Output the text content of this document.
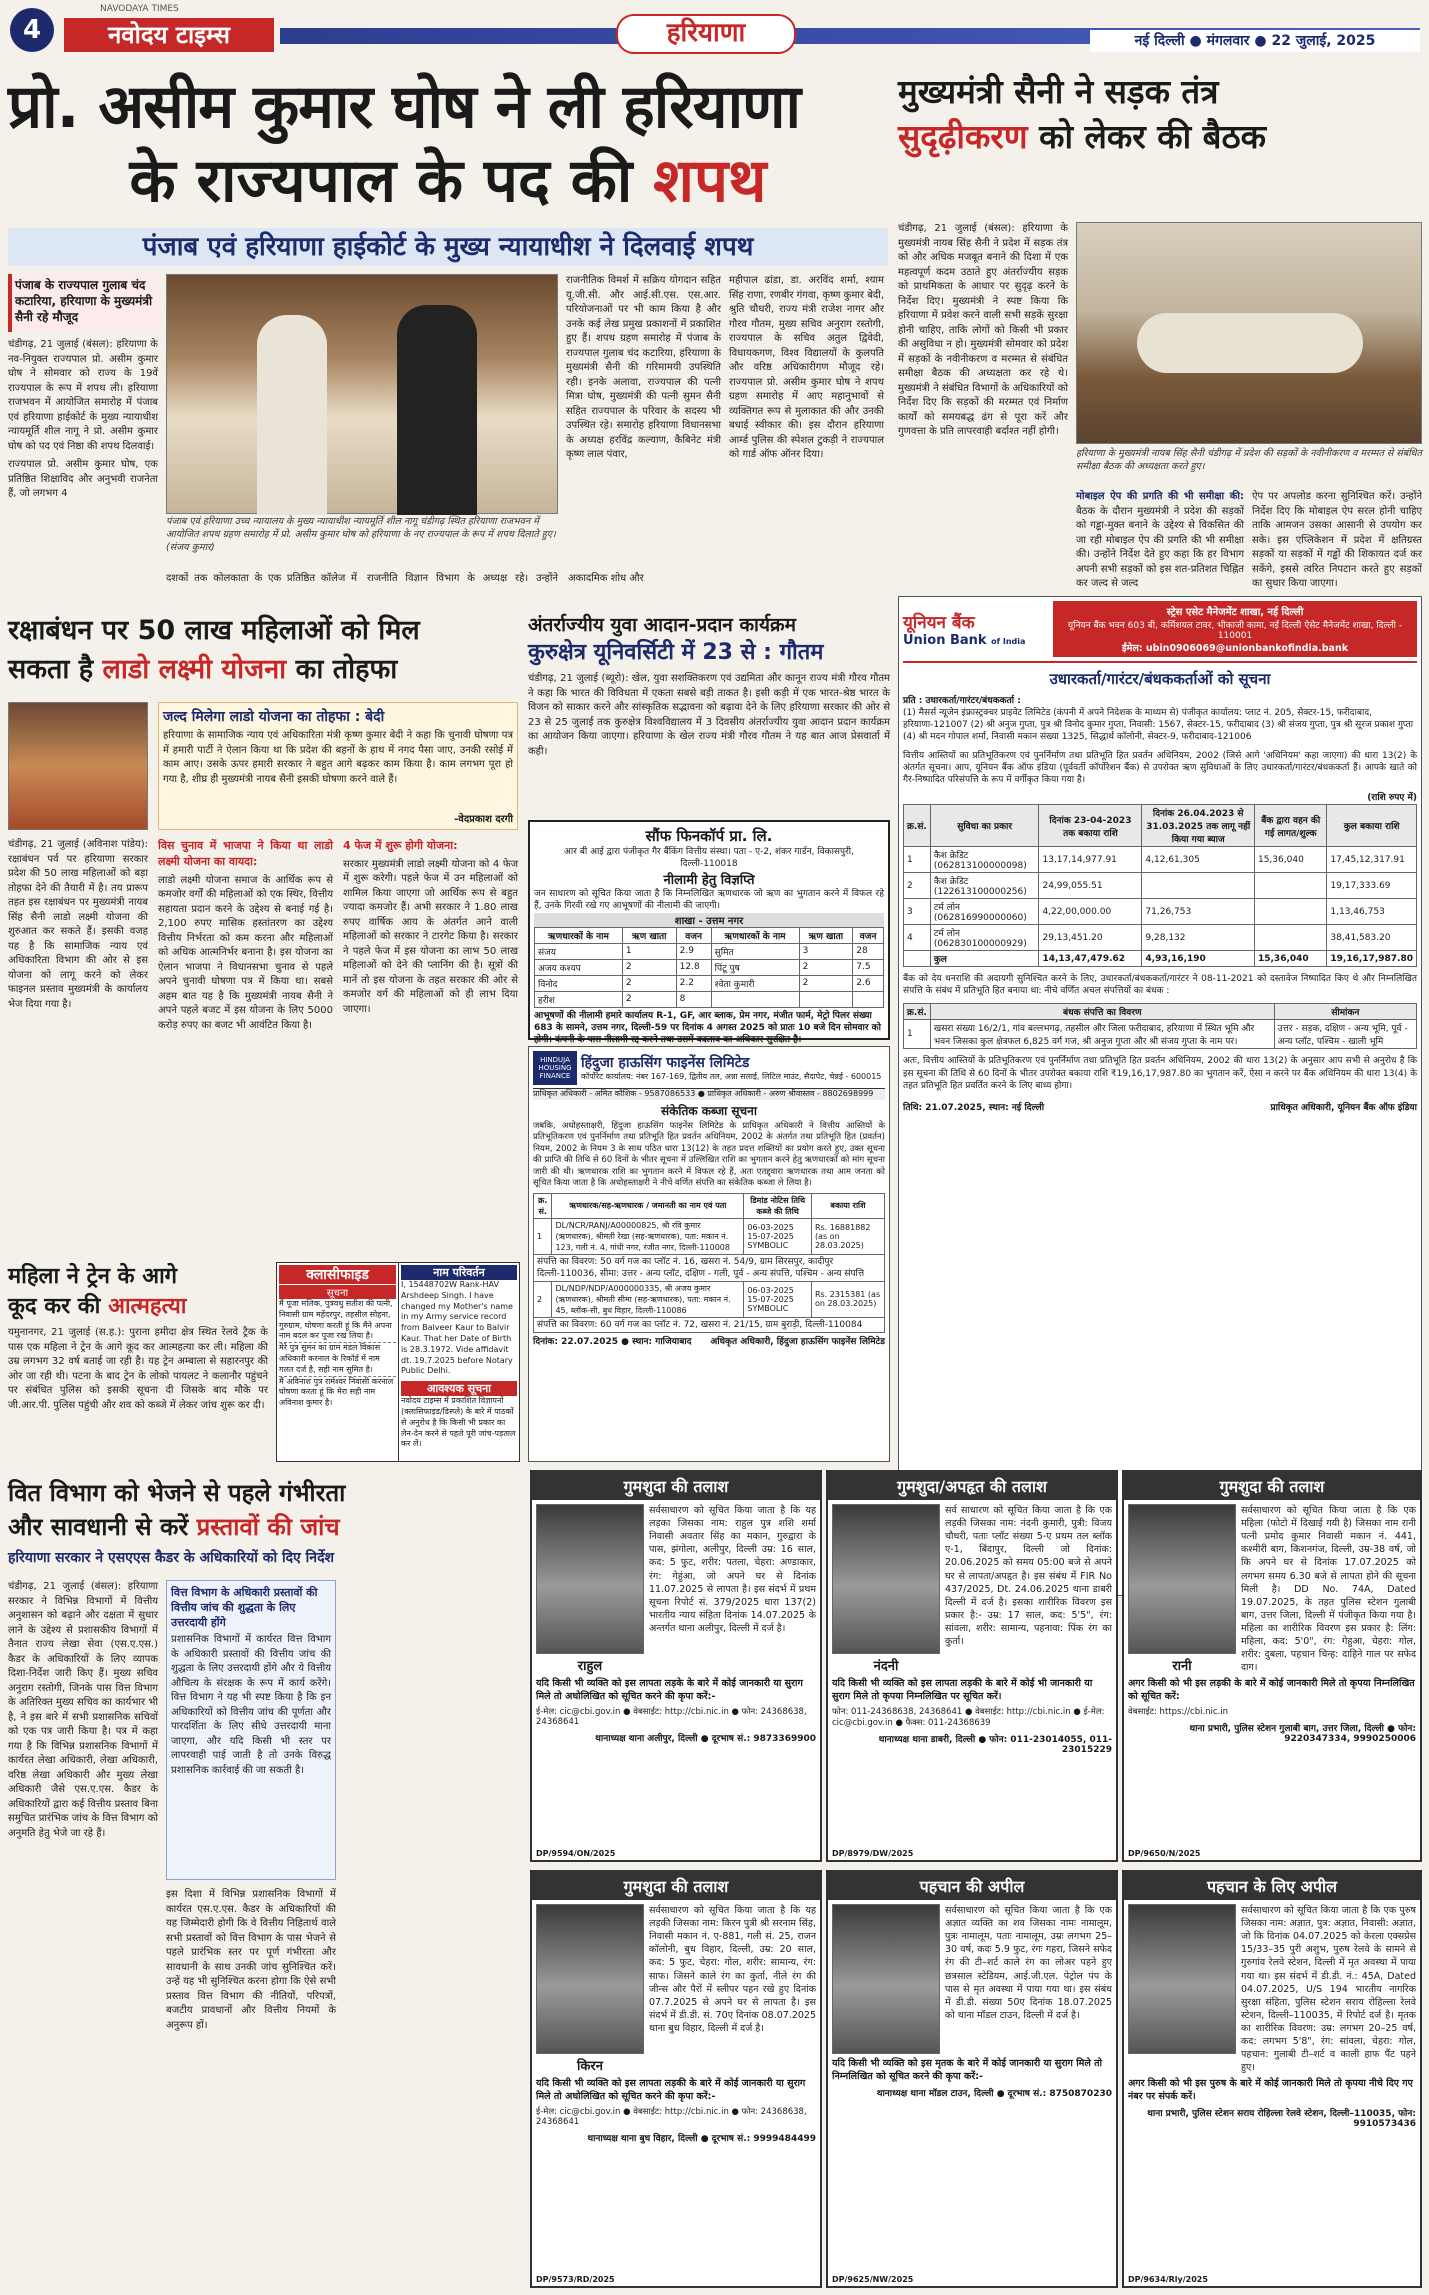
4
NAVODAYA TIMES
नवोदय टाइम्स	हरियाणा	नई दिल्ली ● मंगलवार ● 22 जुलाई, 2025
प्रो. असीम कुमार घोष ने ली हरियाणा
के राज्यपाल के पद की शपथ
पंजाब एवं हरियाणा हाईकोर्ट के मुख्य न्यायाधीश ने दिलवाई शपथ
पंजाब के राज्यपाल गुलाब चंद कटारिया, हरियाणा के मुख्यमंत्री सैनी रहे मौजूद

चंडीगढ़, 21 जुलाई (बंसल): हरियाणा के नव-नियुक्त राज्यपाल प्रो. असीम कुमार घोष ने सोमवार को राज्य के 19वें राज्यपाल के रूप में शपथ ली। हरियाणा राजभवन में आयोजित समारोह में पंजाब एवं हरियाणा हाईकोर्ट के मुख्य न्यायाधीश न्यायमूर्ति शील नागू ने प्रो. असीम कुमार घोष को पद एवं निष्ठा की शपथ दिलवाई।

राज्यपाल प्रो. असीम कुमार घोष, एक प्रतिष्ठित शिक्षाविद और अनुभवी राजनेता हैं, जो लगभग 4

पंजाब एवं हरियाणा उच्च न्यायालय के मुख्य न्यायाधीश न्यायमूर्ति शील नागू चंडीगढ़ स्थित हरियाणा राजभवन में आयोजित शपथ ग्रहण समारोह में प्रो. असीम कुमार घोष को हरियाणा के नए राज्यपाल के रूप में शपथ दिलाते हुए। (संजय कुमार)
दशकों तक कोलकाता के एक प्रतिष्ठित कॉलेज में राजनीति विज्ञान विभाग के अध्यक्ष रहे। उन्होंने अकादमिक शोध और
राजनीतिक विमर्श में सक्रिय योगदान सहित यू.जी.सी. और आई.सी.एस. एस.आर. परियोजनाओं पर भी काम किया है और उनके कई लेख प्रमुख प्रकाशनों में प्रकाशित हुए हैं। शपथ ग्रहण समारोह में पंजाब के राज्यपाल गुलाब चंद कटारिया, हरियाणा के मुख्यमंत्री सैनी की गरिमामयी उपस्थिति रही। इनके अलावा, राज्यपाल की पत्नी मित्रा घोष, मुख्यमंत्री की पत्नी सुमन सैनी सहित राज्यपाल के परिवार के सदस्य भी उपस्थित रहे। समारोह हरियाणा विधानसभा के अध्यक्ष हरविंद्र कल्याण, कैबिनेट मंत्री कृष्ण लाल पंवार,
महीपाल ढांडा, डा. अरविंद शर्मा, श्याम सिंह राणा, रणबीर गंगवा, कृष्ण कुमार बेदी, श्रुति चौधरी, राज्य मंत्री राजेश नागर और गौरव गौतम, मुख्य सचिव अनुराग रस्तोगी, राज्यपाल के सचिव अतुल द्विवेदी, विधायकगण, विश्व विद्यालयों के कुलपति और वरिष्ठ अधिकारीगण मौजूद रहे। राज्यपाल प्रो. असीम कुमार घोष ने शपथ ग्रहण समारोह में आए महानुभावों से व्यक्तिगत रूप से मुलाकात की और उनकी बधाई स्वीकार की। इस दौरान हरियाणा आर्म्ड पुलिस की स्पेशल टुकड़ी ने राज्यपाल को गार्ड ऑफ ऑनर दिया।
मुख्यमंत्री सैनी ने सड़क तंत्र
सुदृढ़ीकरण को लेकर की बैठक
चंडीगढ़, 21 जुलाई (बंसल): हरियाणा के मुख्यमंत्री नायब सिंह सैनी ने प्रदेश में सड़क तंत्र को और अधिक मजबूत बनाने की दिशा में एक महत्वपूर्ण कदम उठाते हुए अंतर्राज्यीय सड़क को प्राथमिकता के आधार पर सुदृढ़ करने के निर्देश दिए। मुख्यमंत्री ने स्पष्ट किया कि हरियाणा में प्रवेश करने वाली सभी सड़कें सुरक्षा होनी चाहिए, ताकि लोगों को किसी भी प्रकार की असुविधा न हो। मुख्यमंत्री सोमवार को प्रदेश में सड़कों के नवीनीकरण व मरम्मत से संबंधित समीक्षा बैठक की अध्यक्षता कर रहे थे। मुख्यमंत्री ने संबंधित विभागों के अधिकारियों को निर्देश दिए कि सड़कों की मरम्मत एवं निर्माण कार्यों को समयबद्ध ढंग से पूरा करें और गुणवत्ता के प्रति लापरवाही बर्दाश्त नहीं होगी।
हरियाणा के मुख्यमंत्री नायब सिंह सैनी चंडीगढ़ में प्रदेश की सड़कों के नवीनीकरण व मरम्मत से संबंधित समीक्षा बैठक की अध्यक्षता करते हुए।
मोबाइल ऐप की प्रगति की भी समीक्षा की: बैठक के दौरान मुख्यमंत्री ने प्रदेश की सड़कों को गड्ढा-मुक्त बनाने के उद्देश्य से विकसित की जा रही मोबाइल ऐप की प्रगति की भी समीक्षा की। उन्होंने निर्देश देते हुए कहा कि हर विभाग अपनी सभी सड़कों को इस शत-प्रतिशत चिह्नित कर जल्द से जल्द
ऐप पर अपलोड करना सुनिश्चित करें। उन्होंने निर्देश दिए कि मोबाइल ऐप सरल होनी चाहिए ताकि आमजन उसका आसानी से उपयोग कर सके। इस एप्लिकेशन में प्रदेश में क्षतिग्रस्त सड़कों या सड़कों में गड्ढों की शिकायत दर्ज कर सकेंगे, इससे त्वरित निपटान करते हुए सड़कों का सुधार किया जाएगा।
यूनियन बैंक
Union Bank of India
स्ट्रेस एसेट मैनेजमेंट शाखा, नई दिल्ली
यूनियन बैंक भवन 603 बी, कर्मिशयल टावर, भीकाजी कामा, नई दिल्ली ऐसेट मैनेजमेंट शाखा, दिल्ली - 110001
ईमेल: ubin0906069@unionbankofindia.bank
उधारकर्ता/गारंटर/बंधककर्ताओं को सूचना
प्रति : उधारकर्ता/गारंटर/बंधककर्ता :
(1) मैसर्स न्यूजेन इंफ्रास्ट्रक्चर प्राइवेट लिमिटेड (कंपनी में अपने निदेशक के माध्यम से) पंजीकृत कार्यालय: प्लाट नं. 205, सेक्टर-15, फरीदाबाद, हरियाणा-121007 (2) श्री अनुज गुप्ता, पुत्र श्री विनोद कुमार गुप्ता, निवासी: 1567, सेक्टर-15, फरीदाबाद (3) श्री संजय गुप्ता, पुत्र श्री सूरज प्रकाश गुप्ता (4) श्री मदन गोपाल शर्मा, निवासी मकान संख्या 1325, सिद्धार्थ कॉलोनी, सेक्टर-9, फरीदाबाद-121006
वित्तीय आस्तियों का प्रतिभूतिकरण एवं पुनर्निर्माण तथा प्रतिभूति हित प्रवर्तन अधिनियम, 2002 (जिसे आगे 'अधिनियम' कहा जाएगा) की धारा 13(2) के अंतर्गत सूचना। आप, यूनियन बैंक ऑफ इंडिया (पूर्ववर्ती कॉर्पोरेशन बैंक) से उपरोक्त ऋण सुविधाओं के लिए उधारकर्ता/गारंटर/बंधककर्ता हैं। आपके खाते को गैर-निष्पादित परिसंपत्ति के रूप में वर्गीकृत किया गया है।
(राशि रुपए में)
क्र.सं.	सुविधा का प्रकार	दिनांक 23-04-2023 तक बकाया राशि	दिनांक 26.04.2023 से 31.03.2025 तक लागू नहीं किया गया ब्याज	बैंक द्वारा वहन की गई लागत/शुल्क	कुल बकाया राशि
1	कैश क्रेडिट (062813100000098)	13,17,14,977.91	4,12,61,305	15,36,040	17,45,12,317.91
2	कैश क्रेडिट (122613100000256)	24,99,055.51			19,17,333.69
3	टर्म लोन (062816990000060)	4,22,00,000.00	71,26,753		1,13,46,753
4	टर्म लोन (062830100000929)	29,13,451.20	9,28,132		38,41,583.20
	कुल	14,13,47,479.62	4,93,16,190	15,36,040	19,16,17,987.80
बैंक को देय धनराशि की अदायगी सुनिश्चित करने के लिए, उधारकर्ता/बंधककर्ता/गारंटर ने 08-11-2021 को दस्तावेज निष्पादित किए थे और निम्नलिखित संपत्ति के संबंध में प्रतिभूति हित बनाया था: नीचे वर्णित अचल संपत्तियों का बंधक :
क्र.सं.	बंधक संपत्ति का विवरण	सीमांकन
1	खसरा संख्या 16/2/1, गांव बल्लभगढ़, तहसील और जिला फरीदाबाद, हरियाणा में स्थित भूमि और भवन जिसका कुल क्षेत्रफल 6,825 वर्ग गज, श्री अनुज गुप्ता और श्री संजय गुप्ता के नाम पर।	उत्तर - सड़क, दक्षिण - अन्य भूमि, पूर्व - अन्य प्लॉट, पश्चिम - खाली भूमि
अतः, वित्तीय आस्तियों के प्रतिभूतिकरण एवं पुनर्निर्माण तथा प्रतिभूति हित प्रवर्तन अधिनियम, 2002 की धारा 13(2) के अनुसार आप सभी से अनुरोध है कि इस सूचना की तिथि से 60 दिनों के भीतर उपरोक्त बकाया राशि ₹19,16,17,987.80 का भुगतान करें, ऐसा न करने पर बैंक अधिनियम की धारा 13(4) के तहत प्रतिभूति हित प्रवर्तित करने के लिए बाध्य होगा।
तिथि: 21.07.2025, स्थान: नई दिल्ली	प्राधिकृत अधिकारी, यूनियन बैंक ऑफ इंडिया
रक्षाबंधन पर 50 लाख महिलाओं को मिल
सकता है लाडो लक्ष्मी योजना का तोहफा
जल्द मिलेगा लाडो योजना का तोहफा : बेदी
हरियाणा के सामाजिक न्याय एवं अधिकारिता मंत्री कृष्ण कुमार बेदी ने कहा कि चुनावी घोषणा पत्र में हमारी पार्टी ने ऐलान किया था कि प्रदेश की बहनों के हाथ में नगद पैसा जाए, उनकी रसोई में काम आए। उसके ऊपर हमारी सरकार ने बहुत आगे बढ़कर काम किया है। काम लगभग पूरा हो गया है, शीघ्र ही मुख्यमंत्री नायब सैनी इसकी घोषणा करने वाले हैं।
-वेदप्रकाश दरगी
चंडीगढ़, 21 जुलाई (अविनाश पांडेय): रक्षाबंधन पर्व पर हरियाणा सरकार प्रदेश की 50 लाख महिलाओं को बड़ा तोहफा देने की तैयारी में है। तय प्रारूप तहत इस रक्षाबंधन पर मुख्यमंत्री नायब सिंह सैनी लाडो लक्ष्मी योजना की शुरुआत कर सकते हैं। इसकी वजह यह है कि सामाजिक न्याय एवं अधिकारिता विभाग की ओर से इस योजना को लागू करने को लेकर फाइनल प्रस्ताव मुख्यमंत्री के कार्यालय भेज दिया गया है।

विस चुनाव में भाजपा ने किया था लाडो लक्ष्मी योजना का वायदा:

लाडो लक्ष्मी योजना समाज के आर्थिक रूप से कमजोर वर्गों की महिलाओं को एक स्थिर, वित्तीय सहायता प्रदान करने के उद्देश्य से बनाई गई है। 2,100 रुपए मासिक हस्तांतरण का उद्देश्य वित्तीय निर्भरता को कम करना और महिलाओं को अधिक आत्मनिर्भर बनाना है। इस योजना का ऐलान भाजपा ने विधानसभा चुनाव से पहले अपने चुनावी घोषणा पत्र में किया था। सबसे अहम बात यह है कि मुख्यमंत्री नायब सैनी ने अपने पहले बजट में इस योजना के लिए 5000 करोड़ रुपए का बजट भी आवंटित किया है।

4 फेज में शुरू होगी योजना:

सरकार मुख्यमंत्री लाडो लक्ष्मी योजना को 4 फेज में शुरू करेगी। पहले फेज में उन महिलाओं को शामिल किया जाएगा जो आर्थिक रूप से बहुत ज्यादा कमजोर हैं। अभी सरकार ने 1.80 लाख रुपए वार्षिक आय के अंतर्गत आने वाली महिलाओं को सरकार ने टारगेट किया है। सरकार ने पहले फेज में इस योजना का लाभ 50 लाख महिलाओं को देने की प्लानिंग की है। सूत्रों की मानें तो इस योजना के तहत सरकार की ओर से कमजोर वर्ग की महिलाओं को ही लाभ दिया जाएगा।

अंतर्राज्यीय युवा आदान-प्रदान कार्यक्रम
कुरुक्षेत्र यूनिवर्सिटी में 23 से : गौतम
चंडीगढ़, 21 जुलाई (ब्यूरो): खेल, युवा सशक्तिकरण एवं उद्यमिता और कानून राज्य मंत्री गौरव गौतम ने कहा कि भारत की विविधता में एकता सबसे बड़ी ताकत है। इसी कड़ी में एक भारत-श्रेष्ठ भारत के विजन को साकार करने और सांस्कृतिक सद्भावना को बढ़ावा देने के लिए हरियाणा सरकार की ओर से 23 से 25 जुलाई तक कुरुक्षेत्र विश्वविद्यालय में 3 दिवसीय अंतर्राज्यीय युवा आदान प्रदान कार्यक्रम का आयोजन किया जाएगा। हरियाणा के खेल राज्य मंत्री गौरव गौतम ने यह बात आज प्रेसवार्ता में कही।
सौंफ फिनकॉर्प प्रा. लि.
आर बी आई द्वारा पंजीकृत गैर बैंकिंग वित्तीय संस्था। पता - ए-2, शंकर गार्डन, विकासपुरी, दिल्ली-110018
नीलामी हेतु विज्ञप्ति
जन साधारण को सूचित किया जाता है कि निम्नलिखित ऋणधारक जो ऋण का भुगतान करने में विफल रहे हैं, उनके गिरवी रखे गए आभूषणों की नीलामी की जाएगी।
शाखा - उत्तम नगर
ऋणधारकों के नाम	ऋण खाता	वजन	ऋणधारकों के नाम	ऋण खाता	वजन
संजय	1	2.9	सुमित	3	28
अजय कश्यप	2	12.8	पिंटू पुष	2	7.5
विनोद	2	2.2	श्वेता कुमारी	2	2.6
हरीश	2	8			
आभूषणों की नीलामी हमारे कार्यालय R-1, GF, आर ब्लाक, प्रेम नगर, मंजीत फार्म, मेट्रो पिलर संख्या 683 के सामने, उत्तम नगर, दिल्ली-59 पर दिनांक 4 अगस्त 2025 को प्रातः 10 बजे दिन सोमवार को होगी। कंपनी के पास नीलामी रद्द करने तथा उसमें बदलाव का अधिकार सुरक्षित है।
HINDUJA HOUSING FINANCE
हिंदुजा हाऊसिंग फाइनेंस लिमिटेड
कॉर्पोरेट कार्यालय: नंबर 167-169, द्वितीय तल, अन्ना सलाई, लिटिल माउंट, सैदापेट, चेन्नई - 600015
प्राधिकृत अधिकारी - अमित कौशिक - 9587086533 ● प्राधिकृत अधिकारी - अरुण श्रीवास्तव - 8802698999
संकेतिक कब्जा सूचना
जबकि, अधोहस्ताक्षरी, हिंदुजा हाऊसिंग फाइनेंस लिमिटेड के प्राधिकृत अधिकारी ने वित्तीय आस्तियों के प्रतिभूतिकरण एवं पुनर्निर्माण तथा प्रतिभूति हित प्रवर्तन अधिनियम, 2002 के अंतर्गत तथा प्रतिभूति हित (प्रवर्तन) नियम, 2002 के नियम 3 के साथ पठित धारा 13(12) के तहत प्रदत्त शक्तियों का प्रयोग करते हुए, उक्त सूचना की प्राप्ति की तिथि से 60 दिनों के भीतर सूचना में उल्लिखित राशि का भुगतान करने हेतु ऋणधारकों को मांग सूचना जारी की थी। ऋणधारक राशि का भुगतान करने में विफल रहे हैं, अतः एतद्द्वारा ऋणधारक तथा आम जनता को सूचित किया जाता है कि अधोहस्ताक्षरी ने नीचे वर्णित संपत्ति का संकेतिक कब्जा ले लिया है।
क्र. सं.	ऋणधारक/सह-ऋणधारक / जमानती का नाम एवं पता	डिमांड नोटिस तिथि कब्जे की तिथि	बकाया राशि
1	DL/NCR/RANJ/A00000825, श्री रवि कुमार (ऋणधारक), श्रीमती रेखा (सह-ऋणधारक), पता: मकान नं. 123, गली नं. 4, गांधी नगर, रंजीत नगर, दिल्ली-110008	06-03-2025 15-07-2025 SYMBOLIC	Rs. 16881882 (as on 28.03.2025)
संपत्ति का विवरण: 50 वर्ग गज का प्लॉट नं. 16, खसरा नं. 54/9, ग्राम सिरसपुर, कादीपुर दिल्ली-110036, सीमा: उत्तर - अन्य प्लॉट, दक्षिण - गली, पूर्व - अन्य संपत्ति, पश्चिम - अन्य संपत्ति			
2	DL/NDP/NDP/A000000335, श्री अजय कुमार (ऋणधारक), श्रीमती सीमा (सह-ऋणधारक), पता: मकान नं. 45, ब्लॉक-सी, बुध विहार, दिल्ली-110086	06-03-2025 15-07-2025 SYMBOLIC	Rs. 2315381 (as on 28.03.2025)
संपत्ति का विवरण: 60 वर्ग गज का प्लॉट नं. 72, खसरा नं. 21/15, ग्राम बुराड़ी, दिल्ली-110084			
दिनांक: 22.07.2025 ● स्थान: गाजियाबाद अधिकृत अधिकारी, हिंदुजा हाऊसिंग फाइनेंस लिमिटेड
महिला ने ट्रेन के आगे
कूद कर की आत्महत्या
यमुनानगर, 21 जुलाई (स.ह.): पुराना हमीदा क्षेत्र स्थित रेलवे ट्रैक के पास एक महिला ने ट्रेन के आगे कूद कर आत्महत्या कर ली। महिला की उम्र लगभग 32 वर्ष बताई जा रही है। यह ट्रेन अम्बाला से सहारनपुर की ओर जा रही थी। पटना के बाद ट्रेन के लोको पायलट ने कलानौर पहुंचने पर संबंधित पुलिस को इसकी सूचना दी जिसके बाद मौके पर जी.आर.पी. पुलिस पहुंची और शव को कब्जे में लेकर जांच शुरू कर दी।
क्लासीफाइड
सूचना
मैं पूजा मलिक, पुत्रवधु सतीश की पत्नी, निवासी ग्राम महेंदरपुर, तहसील सोहना, गुरुग्राम, घोषणा करती हूं कि मैंने अपना नाम बदल कर पूजा रख लिया है।
मेरे पुत्र सुमन का ग्राम मंडल विकास अधिकारी करनाल के रिकॉर्ड में नाम गलत दर्ज है, सही नाम सुमित है।
मैं अविनाश पुत्र रामेश्वर निवासी करनाल घोषणा करता हूं कि मेरा सही नाम अविनाश कुमार है।
नाम परिवर्तन
I, 15448702W Rank-HAV Arshdeep Singh. I have changed my Mother's name in my Army service record from Balveer Kaur to Balvir Kaur. That her Date of Birth is 28.3.1972. Vide affidavit dt. 19.7.2025 before Notary Public Delhi.
आवश्यक सूचना
नवोदय टाइम्स में प्रकाशित विज्ञापनों (क्लासिफाइड/डिस्प्ले) के बारे में पाठकों से अनुरोध है कि किसी भी प्रकार का लेन-देन करने से पहले पूरी जांच-पड़ताल कर लें।
वित विभाग को भेजने से पहले गंभीरता
और सावधानी से करें प्रस्तावों की जांच
हरियाणा सरकार ने एसएएस कैडर के अधिकारियों को दिए निर्देश
चंडीगढ़, 21 जुलाई (बंसल): हरियाणा सरकार ने विभिन्न विभागों में वित्तीय अनुशासन को बढ़ाने और दक्षता में सुधार लाने के उद्देश्य से प्रशासकीय विभागों में तैनात राज्य लेखा सेवा (एस.ए.एस.) कैडर के अधिकारियों के लिए व्यापक दिशा-निर्देश जारी किए हैं। मुख्य सचिव अनुराग रस्तोगी, जिनके पास वित्त विभाग के अतिरिक्त मुख्य सचिव का कार्यभार भी है, ने इस बारे में सभी प्रशासनिक सचिवों को एक पत्र जारी किया है। पत्र में कहा गया है कि विभिन्न प्रशासनिक विभागों में कार्यरत लेखा अधिकारी, लेखा अधिकारी, वरिष्ठ लेखा अधिकारी और मुख्य लेखा अधिकारी जैसे एस.ए.एस. कैडर के अधिकारियों द्वारा कई वित्तीय प्रस्ताव बिना समुचित प्रारंभिक जांच के वित्त विभाग को अनुमति हेतु भेजे जा रहे हैं।
वित्त विभाग के अधिकारी प्रस्तावों की वित्तीय जांच की शुद्धता के लिए उत्तरदायी होंगे
प्रशासनिक विभागों में कार्यरत वित्त विभाग के अधिकारी प्रस्तावों की वित्तीय जांच की शुद्धता के लिए उत्तरदायी होंगे और ये वित्तीय औचित्य के संरक्षक के रूप में कार्य करेंगे। वित्त विभाग ने यह भी स्पष्ट किया है कि इन अधिकारियों को वित्तीय जांच की पूर्णता और पारदर्शिता के लिए सीधे उत्तरदायी माना जाएगा, और यदि किसी भी स्तर पर लापरवाही पाई जाती है तो उनके विरुद्ध प्रशासनिक कार्रवाई की जा सकती है।
इस दिशा में विभिन्न प्रशासनिक विभागों में कार्यरत एस.ए.एस. कैडर के अधिकारियों की यह जिम्मेदारी होगी कि वे वित्तीय निहितार्थ वाले सभी प्रस्तावों को वित्त विभाग के पास भेजने से पहले प्रारंभिक स्तर पर पूर्ण गंभीरता और सावधानी के साथ उनकी जांच सुनिश्चित करें। उन्हें यह भी सुनिश्चित करना होगा कि ऐसे सभी प्रस्ताव वित्त विभाग की नीतियों, परिपत्रों, बजटीय प्रावधानों और वित्तीय नियमों के अनुरूप हों।
गुमशुदा की तलाश
राहुल
सर्वसाधारण को सूचित किया जाता है कि यह लड़का जिसका नाम: राहुल पुत्र शशि शर्मा निवासी अवतार सिंह का मकान, गुरुद्वारा के पास, झंगोला, अलीपुर, दिल्ली उम्र: 16 साल, कद: 5 फुट, शरीर: पतला, चेहरा: अण्डाकार, रंग: गेहुंआ, जो अपने घर से दिनांक 11.07.2025 से लापता है। इस संदर्भ में प्रथम सूचना रिपोर्ट सं. 379/2025 धारा 137(2) भारतीय न्याय संहिता दिनांक 14.07.2025 के अन्तर्गत थाना अलीपुर, दिल्ली में दर्ज है।
यदि किसी भी व्यक्ति को इस लापता लड़के के बारे में कोई जानकारी या सुराग मिले तो अधोलिखित को सूचित करने की कृपा करें:-
ई-मेल: cic@cbi.gov.in ● वेबसाईट: http://cbi.nic.in ● फोन: 24368638, 24368641
थानाध्यक्ष थाना अलीपुर, दिल्ली ● दूरभाष सं.: 9873369900
DP/9594/ON/2025
गुमशुदा/अपहृत की तलाश
नंदनी
सर्व साधारण को सूचित किया जाता है कि एक लड़की जिसका नाम: नंदनी कुमारी, पुत्री: विजय चौधरी, पताः प्लॉट संख्या 5-ए प्रथम तल ब्लॉक ए-1, बिंदापुर, दिल्ली जो दिनांक: 20.06.2025 को समय 05:00 बजे से अपने घर से लापता/अपहृत है। इस संबंध में FIR No 437/2025, Dt. 24.06.2025 थाना डाबरी दिल्ली में दर्ज है। इसका शारीरिक विवरण इस प्रकार है:- उम्र: 17 साल, कद: 5'5", रंग: सांवला, शरीर: सामान्य, पहनावा: पिंक रंग का कुर्ता।
यदि किसी भी व्यक्ति को इस लापता लड़की के बारे में कोई भी जानकारी या सुराग मिले तो कृपया निम्नलिखित पर सूचित करें।
फोन: 011-24368638, 24368641 ● वेबसाईट: http://cbi.nic.in ● ई-मेल: cic@cbi.gov.in ● फैक्स: 011-24368639
थानाध्यक्ष थाना डाबरी, दिल्ली ● फोन: 011-23014055, 011-23015229
DP/8979/DW/2025
गुमशुदा की तलाश
रानी
सर्वसाधारण को सूचित किया जाता है कि एक महिला (फोटो में दिखाई गयी है) जिसका नाम रानी पत्नी प्रमोद कुमार निवासी मकान नं. 441, कश्मीरी बाग, किशनगंज, दिल्ली, उम्र-38 वर्ष, जो कि अपने घर से दिनांक 17.07.2025 को लगभग समय 6.30 बजे से लापता होने की सूचना मिली है। DD No. 74A, Dated 19.07.2025, के तहत पुलिस स्टेशन गुलाबी बाग, उत्तर जिला, दिल्ली में पंजीकृत किया गया है। महिला का शारीरिक विवरण इस प्रकार है: लिंग: महिला, कद: 5'0", रंग: गेहुआ, चेहरा: गोल, शरीर: दुबला, पहचान चिन्ह: दाहिने गाल पर सफेद दाग।
अगर किसी को भी इस लड़की के बारे में कोई जानकारी मिले तो कृपया निम्नलिखित को सूचित करें:
वेबसाईट: https://cbi.nic.in
थाना प्रभारी, पुलिस स्टेशन गुलाबी बाग, उत्तर जिला, दिल्ली ● फोन: 9220347334, 9990250006
DP/9650/N/2025
गुमशुदा की तलाश
किरन
सर्वसाधारण को सूचित किया जाता है कि यह लड़की जिसका नाम: किरन पुत्री श्री सरनाम सिंह, निवासी मकान नं. ए-881, गली सं. 25, राजन कॉलोनी, बुध विहार, दिल्ली, उम्र: 20 साल, कद: 5 फुट, चेहरा: गोल, शरीर: सामान्य, रंग: साफ। जिसने काले रंग का कुर्ता, नीले रंग की जीन्स और पैरों में स्लीपर पहन रखे हुए दिनांक 07.7.2025 से अपने घर से लापता है। इस संदर्भ में डी.डी. सं. 70ए दिनांक 08.07.2025 थाना बुध विहार, दिल्ली में दर्ज है।
यदि किसी भी व्यक्ति को इस लापता लड़की के बारे में कोई जानकारी या सुराग मिले तो अधोलिखित को सूचित करने की कृपा करें:-
ई-मेल: cic@cbi.gov.in ● वेबसाईट: http://cbi.nic.in ● फोन: 24368638, 24368641
थानाध्यक्ष थाना बुध विहार, दिल्ली ● दूरभाष सं.: 9999484499
DP/9573/RD/2025
पहचान की अपील
सर्वसाधारण को सूचित किया जाता है कि एक अज्ञात व्यक्ति का शव जिसका नामः नामालूम, पुत्रः नामालूम, पताः नामालूम, उम्रः लगभग 25–30 वर्ष, कदः 5.9 फुट, रंगः गहरा, जिसने सफेद रंग की टी–शर्ट काले रंग का लोअर पहने हुए छत्रसाल स्टेडियम, आई.जी.एल. पेट्रोल पंप के पास से मृत अवस्था में पाया गया था। इस संबंध में डी.डी. संख्या 50ए दिनांक 18.07.2025 को थाना मॉडल टाउन, दिल्ली में दर्ज है।
यदि किसी भी व्यक्ति को इस मृतक के बारे में कोई जानकारी या सुराग मिले तो निम्नलिखित को सूचित करने की कृपा करें:-
थानाध्यक्ष थाना मॉडल टाउन, दिल्ली ● दूरभाष सं.: 8750870230
DP/9625/NW/2025
पहचान के लिए अपील
सर्वसाधारण को सूचित किया जाता है कि एक पुरुष जिसका नाम: अज्ञात, पुत्र: अज्ञात, निवासी: अज्ञात, जो कि दिनांक 04.07.2025 को केरला एक्सप्रेस 15/33–35 पुरी अशुभ, पुरुष रेलवे के सामने से गुरुगांव रेलवे स्टेशन, दिल्ली में मृत अवस्था में पाया गया था। इस संदर्भ में डी.डी. नं.: 45A, Dated 04.07.2025, U/S 194 भारतीय नागरिक सुरक्षा संहिता, पुलिस स्टेशन सराय रोहिल्ला रेलवे स्टेशन, दिल्ली–110035, में रिपोर्ट दर्ज है। मृतक का शारीरिक विवरण: उम्र: लगभग 20–25 वर्ष, कद: लगभग 5'8", रंग: सांवला, चेहरा: गोल, पहचान: गुलाबी टी–शर्ट व काली हाफ पैंट पहने हुए।
अगर किसी को भी इस पुरुष के बारे में कोई जानकारी मिले तो कृपया नीचे दिए गए नंबर पर संपर्क करें।
थाना प्रभारी, पुलिस स्टेशन सराय रोहिल्ला रेलवे स्टेशन, दिल्ली–110035, फोन: 9910573436
DP/9634/Rly/2025
